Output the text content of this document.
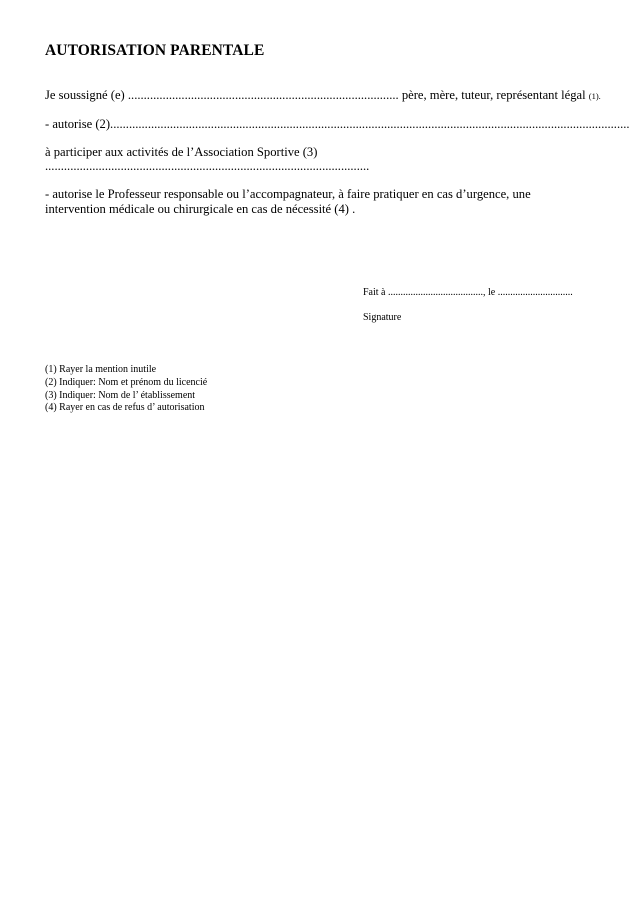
AUTORISATION PARENTALE
Je soussigné (e) ...................................................................................... père, mère, tuteur, représentant légal (1).
- autorise (2).....................................................................................................................................................................
à participer aux activités de l’Association Sportive (3)
.......................................................................................................
- autorise le Professeur responsable ou l’accompagnateur, à faire pratiquer en cas d’urgence, une intervention médicale ou chirurgicale en cas de nécessité (4) .
Fait à ......................................, le ..............................
Signature
(1) Rayer la mention inutile
(2) Indiquer: Nom et prénom du licencié
(3) Indiquer: Nom de l’ établissement
(4) Rayer en cas de refus d’ autorisation
